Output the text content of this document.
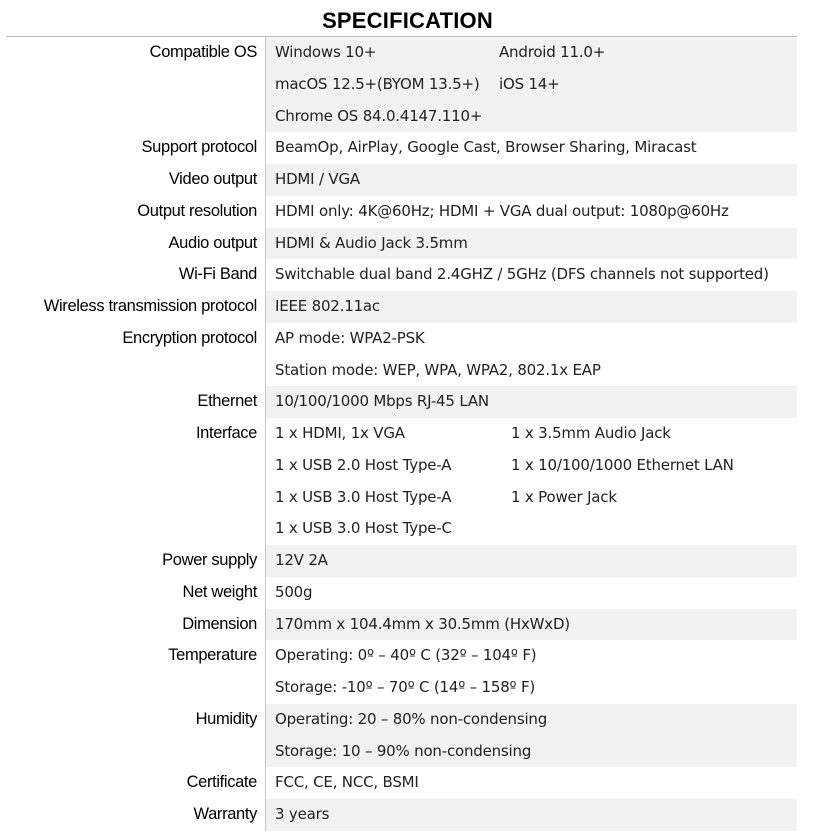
SPECIFICATION
Compatible OS Windows 10+	Android 11.0+
macOS 12.5+(BYOM 13.5+) iOS 14+
Chrome OS 84.0.4147.110+
Support protocol BeamOp, AirPlay, Google Cast, Browser Sharing, Miracast
Video output HDMI / VGA
Output resolution HDMI only: 4K@60Hz; HDMI + VGA dual output: 1080p@60Hz
Audio output HDMI & Audio Jack 3.5mm
Wi-Fi Band Switchable dual band 2.4GHZ / 5GHz (DFS channels not supported)
Wireless transmission protocol IEEE 802.11ac
Encryption protocol AP mode: WPA2-PSK
Station mode: WEP, WPA, WPA2, 802.1x EAP
Ethernet 10/100/1000 Mbps RJ-45 LAN
Interface 1 x HDMI, 1x VGA	1 x 3.5mm Audio Jack
1 x USB 2.0 Host Type-A	1 x 10/100/1000 Ethernet LAN
1 x USB 3.0 Host Type-A	1 x Power Jack
1 x USB 3.0 Host Type-C
Power supply 12V 2A
Net weight 500g
Dimension 170mm x 104.4mm x 30.5mm (HxWxD)
Temperature Operating: 0º – 40º C (32º – 104º F)
Storage: -10º – 70º C (14º – 158º F)
Humidity Operating: 20 – 80% non-condensing
Storage: 10 – 90% non-condensing
Certificate FCC, CE, NCC, BSMI
Warranty 3 years
